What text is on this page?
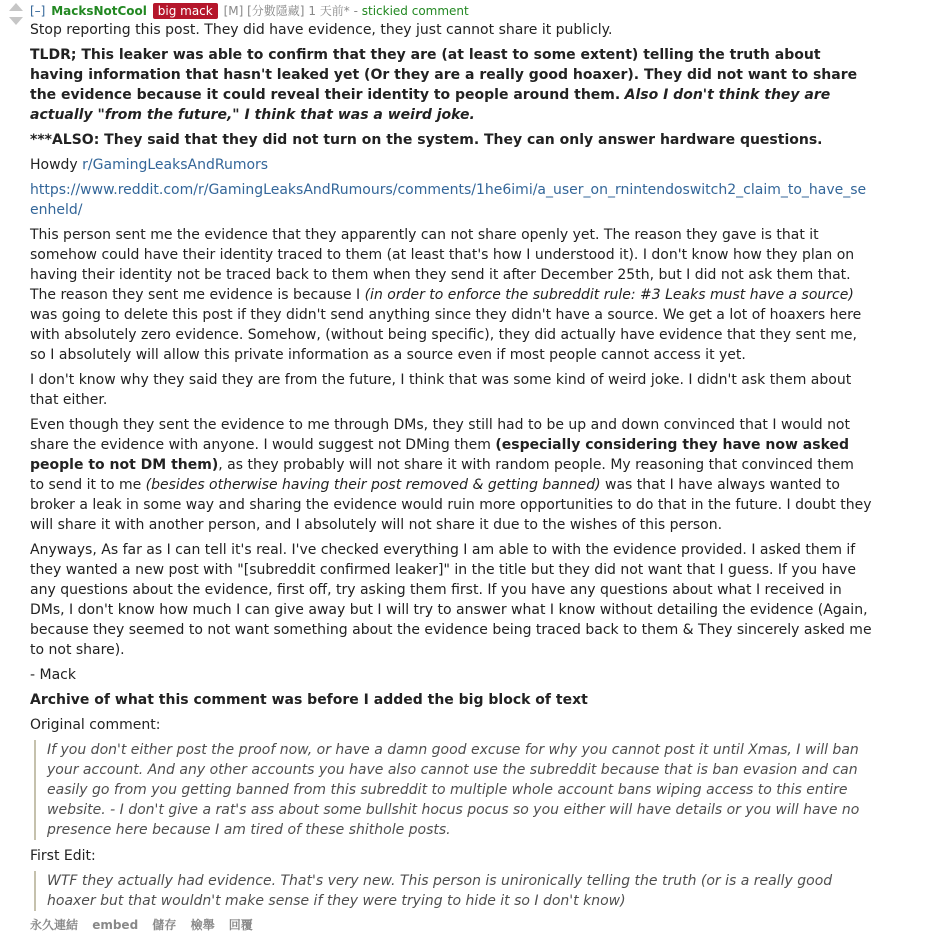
[–] MacksNotCool big mack [M] [分數隱藏] 1 天前* - stickied comment

Stop reporting this post. They did have evidence, they just cannot share it publicly.

TLDR; This leaker was able to confirm that they are (at least to some extent) telling the truth about having information that hasn't leaked yet (Or they are a really good hoaxer). They did not want to share the evidence because it could reveal their identity to people around them. Also I don't think they are actually "from the future," I think that was a weird joke.

***ALSO: They said that they did not turn on the system. They can only answer hardware questions.

Howdy r/GamingLeaksAndRumors

https://www.reddit.com/r/GamingLeaksAndRumours/comments/1he6imi/a_user_on_rnintendoswitch2_claim_to_have_seenheld/

This person sent me the evidence that they apparently can not share openly yet. The reason they gave is that it somehow could have their identity traced to them (at least that's how I understood it). I don't know how they plan on having their identity not be traced back to them when they send it after December 25th, but I did not ask them that. The reason they sent me evidence is because I (in order to enforce the subreddit rule: #3 Leaks must have a source) was going to delete this post if they didn't send anything since they didn't have a source. We get a lot of hoaxers here with absolutely zero evidence. Somehow, (without being specific), they did actually have evidence that they sent me, so I absolutely will allow this private information as a source even if most people cannot access it yet.

I don't know why they said they are from the future, I think that was some kind of weird joke. I didn't ask them about that either.

Even though they sent the evidence to me through DMs, they still had to be up and down convinced that I would not share the evidence with anyone. I would suggest not DMing them (especially considering they have now asked people to not DM them), as they probably will not share it with random people. My reasoning that convinced them to send it to me (besides otherwise having their post removed & getting banned) was that I have always wanted to broker a leak in some way and sharing the evidence would ruin more opportunities to do that in the future. I doubt they will share it with another person, and I absolutely will not share it due to the wishes of this person.

Anyways, As far as I can tell it's real. I've checked everything I am able to with the evidence provided. I asked them if they wanted a new post with "[subreddit confirmed leaker]" in the title but they did not want that I guess. If you have any questions about the evidence, first off, try asking them first. If you have any questions about what I received in DMs, I don't know how much I can give away but I will try to answer what I know without detailing the evidence (Again, because they seemed to not want something about the evidence being traced back to them & They sincerely asked me to not share).

- Mack

Archive of what this comment was before I added the big block of text

Original comment:

If you don't either post the proof now, or have a damn good excuse for why you cannot post it until Xmas, I will ban your account. And any other accounts you have also cannot use the subreddit because that is ban evasion and can easily go from you getting banned from this subreddit to multiple whole account bans wiping access to this entire website. - I don't give a rat's ass about some bullshit hocus pocus so you either will have details or you will have no presence here because I am tired of these shithole posts.

First Edit:

WTF they actually had evidence. That's very new. This person is unironically telling the truth (or is a really good hoaxer but that wouldn't make sense if they were trying to hide it so I don't know)

永久連結 embed 儲存 檢舉 回覆
